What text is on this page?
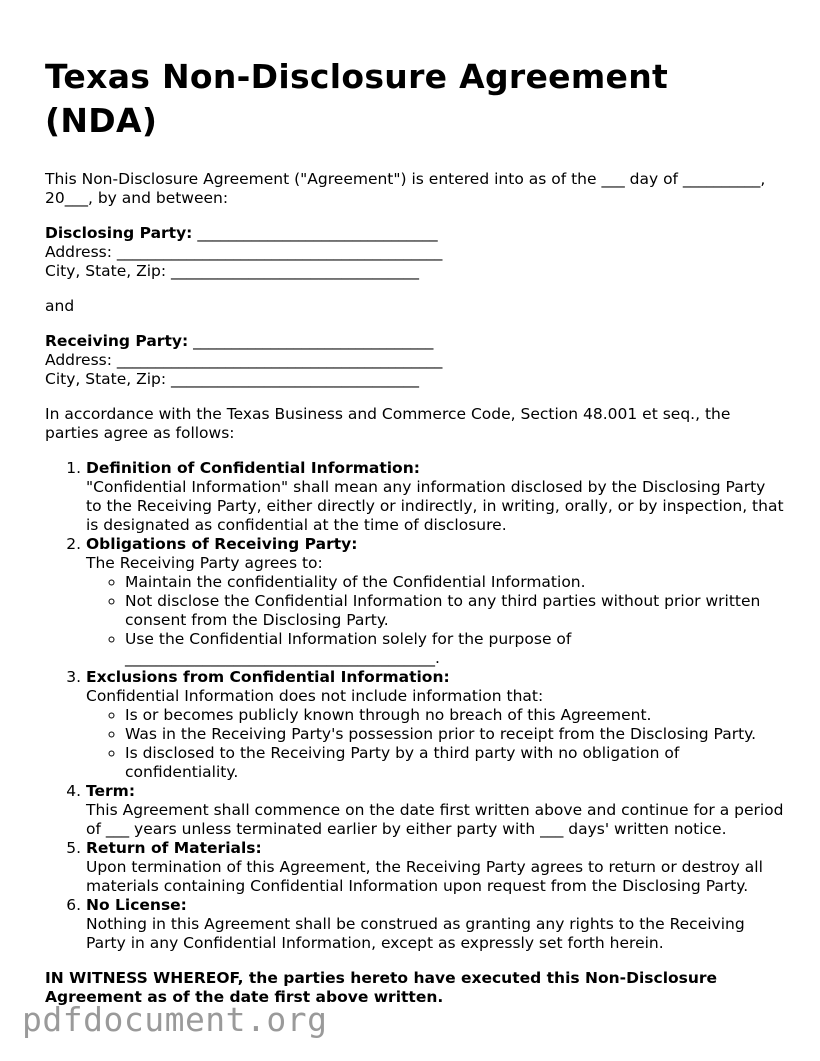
Texas Non-Disclosure Agreement (NDA)

This Non-Disclosure Agreement ("Agreement") is entered into as of the ___ day of __________, 20___, by and between:

Disclosing Party: _______________________________

Address: __________________________________________

City, State, Zip: ________________________________

and

Receiving Party: _______________________________

Address: __________________________________________

City, State, Zip: ________________________________

In accordance with the Texas Business and Commerce Code, Section 48.001 et seq., the parties agree as follows:

1. Definition of Confidential Information:
"Confidential Information" shall mean any information disclosed by the Disclosing Party to the Receiving Party, either directly or indirectly, in writing, orally, or by inspection, that is designated as confidential at the time of disclosure.
2. Obligations of Receiving Party:
The Receiving Party agrees to:
◦ Maintain the confidentiality of the Confidential Information.
◦ Not disclose the Confidential Information to any third parties without prior written consent from the Disclosing Party.
◦ Use the Confidential Information solely for the purpose of ________________________________________.
3. Exclusions from Confidential Information:
Confidential Information does not include information that:
◦ Is or becomes publicly known through no breach of this Agreement.
◦ Was in the Receiving Party's possession prior to receipt from the Disclosing Party.
◦ Is disclosed to the Receiving Party by a third party with no obligation of confidentiality.
4. Term:
This Agreement shall commence on the date first written above and continue for a period of ___ years unless terminated earlier by either party with ___ days' written notice.
5. Return of Materials:
Upon termination of this Agreement, the Receiving Party agrees to return or destroy all materials containing Confidential Information upon request from the Disclosing Party.
6. No License:
Nothing in this Agreement shall be construed as granting any rights to the Receiving Party in any Confidential Information, except as expressly set forth herein.

IN WITNESS WHEREOF, the parties hereto have executed this Non-Disclosure Agreement as of the date first above written.

pdfdocument.org
